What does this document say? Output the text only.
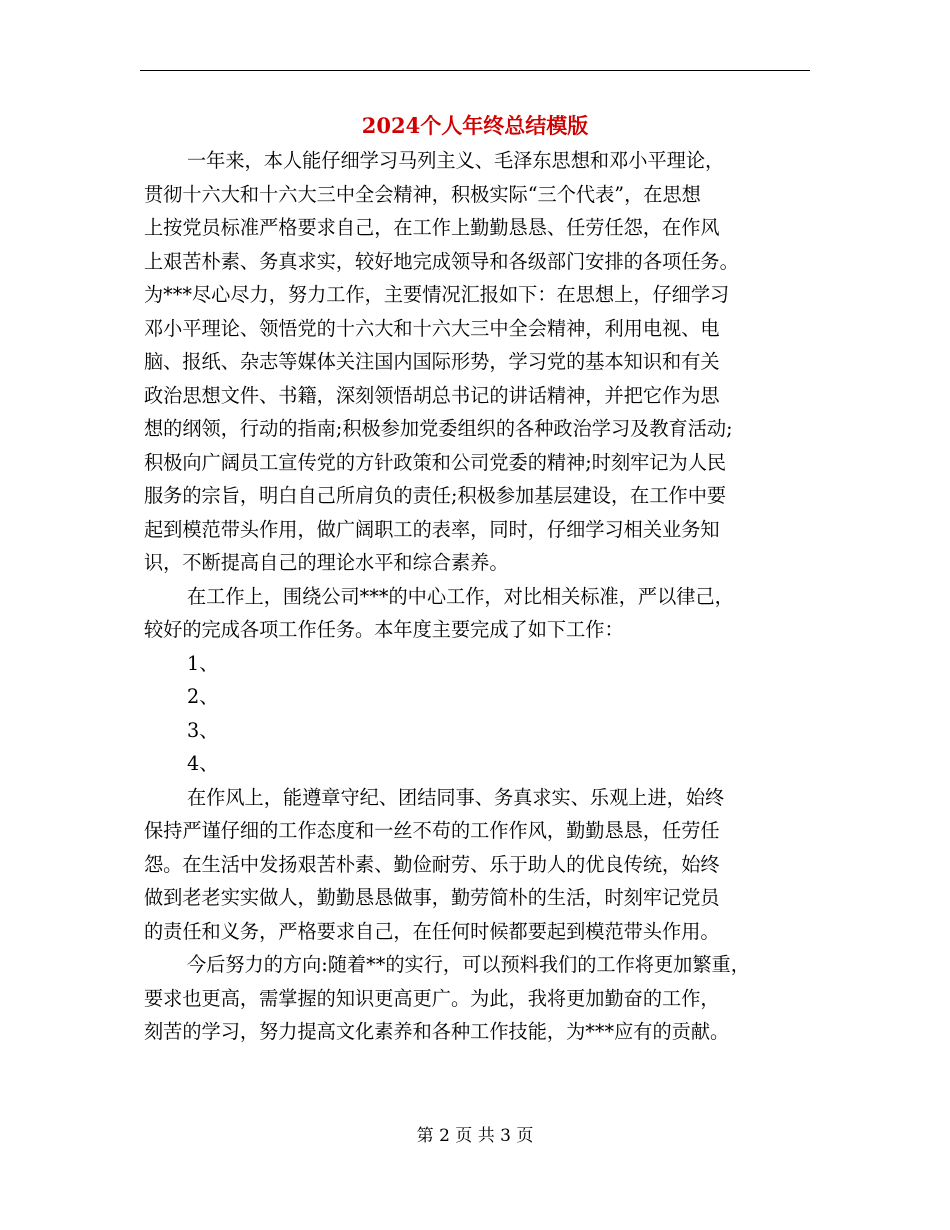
2024个人年终总结模版
一年来，本人能仔细学习马列主义、毛泽东思想和邓小平理论，
贯彻十六大和十六大三中全会精神，积极实际“三个代表”，在思想
上按党员标准严格要求自己，在工作上勤勤恳恳、任劳任怨，在作风
上艰苦朴素、务真求实，较好地完成领导和各级部门安排的各项任务。
为***尽心尽力，努力工作，主要情况汇报如下：在思想上，仔细学习
邓小平理论、领悟党的十六大和十六大三中全会精神，利用电视、电
脑、报纸、杂志等媒体关注国内国际形势，学习党的基本知识和有关
政治思想文件、书籍，深刻领悟胡总书记的讲话精神，并把它作为思
想的纲领，行动的指南;积极参加党委组织的各种政治学习及教育活动;
积极向广阔员工宣传党的方针政策和公司党委的精神;时刻牢记为人民
服务的宗旨，明白自己所肩负的责任;积极参加基层建设，在工作中要
起到模范带头作用，做广阔职工的表率，同时，仔细学习相关业务知
识，不断提高自己的理论水平和综合素养。
在工作上，围绕公司***的中心工作，对比相关标准，严以律己，
较好的完成各项工作任务。本年度主要完成了如下工作：
1、
2、
3、
4、
在作风上，能遵章守纪、团结同事、务真求实、乐观上进，始终
保持严谨仔细的工作态度和一丝不苟的工作作风，勤勤恳恳，任劳任
怨。在生活中发扬艰苦朴素、勤俭耐劳、乐于助人的优良传统，始终
做到老老实实做人，勤勤恳恳做事，勤劳简朴的生活，时刻牢记党员
的责任和义务，严格要求自己，在任何时候都要起到模范带头作用。
今后努力的方向:随着**的实行，可以预料我们的工作将更加繁重，
要求也更高，需掌握的知识更高更广。为此，我将更加勤奋的工作，
刻苦的学习，努力提高文化素养和各种工作技能，为***应有的贡献。
第 2 页 共 3 页
